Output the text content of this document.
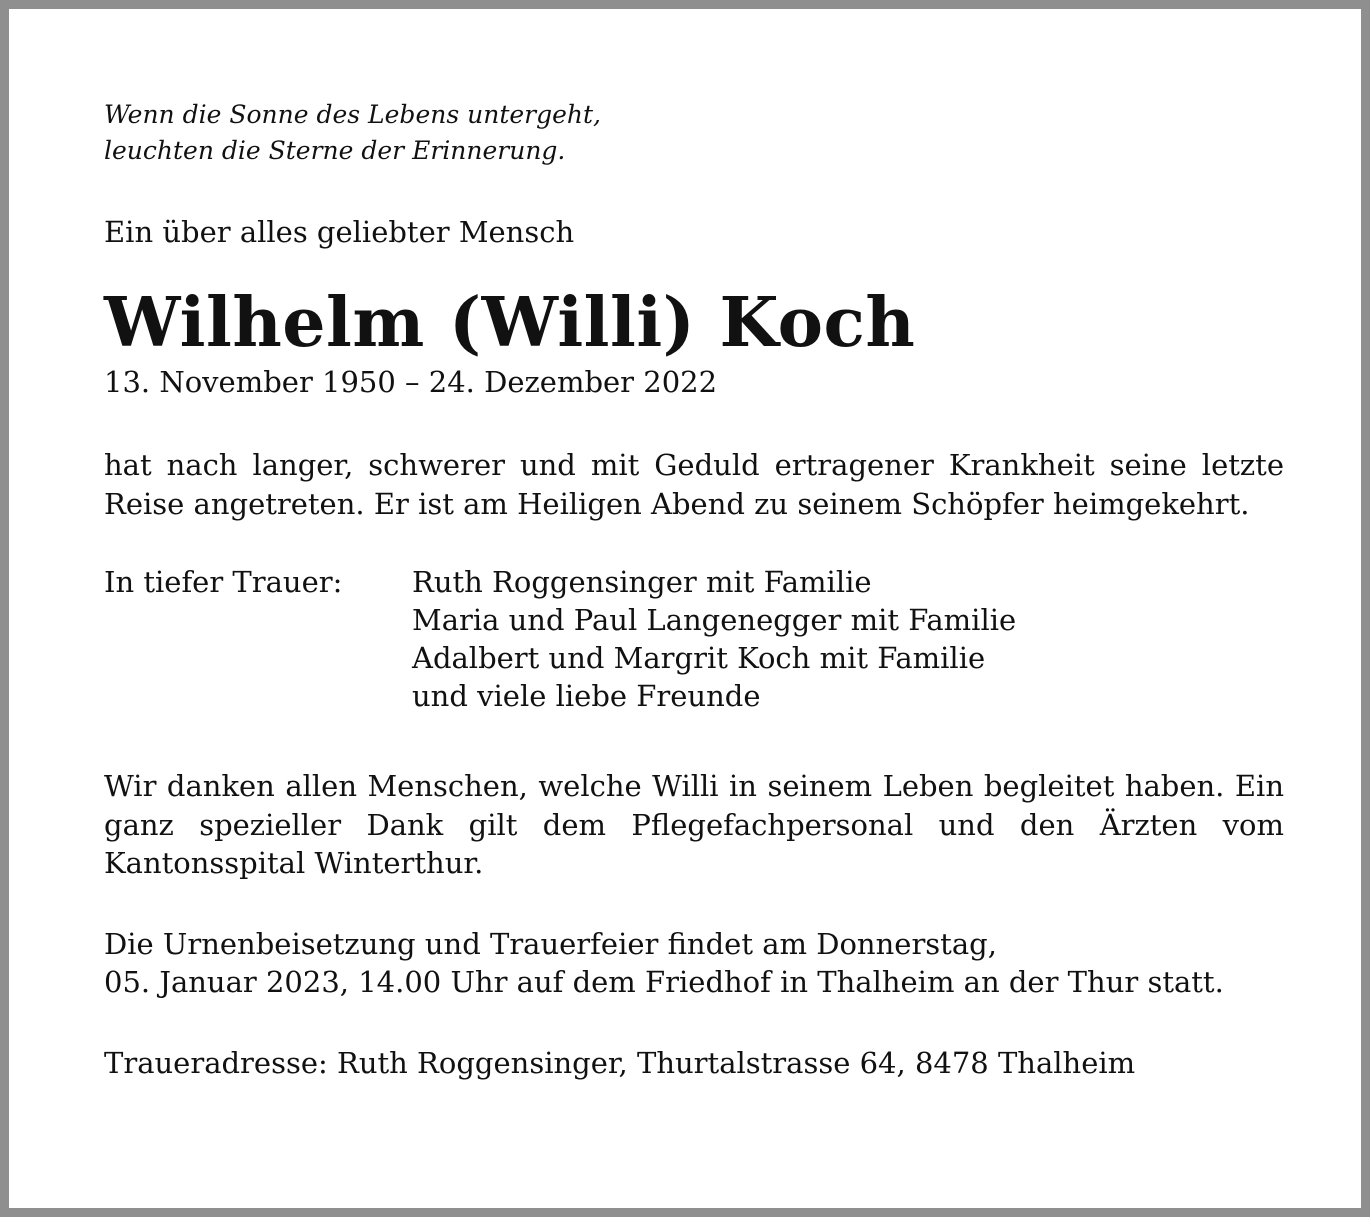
Wenn die Sonne des Lebens untergeht,
leuchten die Sterne der Erinnerung.

Ein über alles geliebter Mensch

Wilhelm (Willi) Koch

13. November 1950 – 24. Dezember 2022

hat nach langer, schwerer und mit Geduld ertragener Krankheit seine letzte Reise angetreten. Er ist am Heiligen Abend zu seinem Schöpfer heimgekehrt.

In tiefer Trauer:	Ruth Roggensinger mit Familie
Maria und Paul Langenegger mit Familie
Adalbert und Margrit Koch mit Familie
und viele liebe Freunde

Wir danken allen Menschen, welche Willi in seinem Leben begleitet haben. Ein ganz spezieller Dank gilt dem Pflegefachpersonal und den Ärzten vom Kantonsspital Winterthur.

Die Urnenbeisetzung und Trauerfeier findet am Donnerstag,
05. Januar 2023, 14.00 Uhr auf dem Friedhof in Thalheim an der Thur statt.

Traueradresse: Ruth Roggensinger, Thurtalstrasse 64, 8478 Thalheim
